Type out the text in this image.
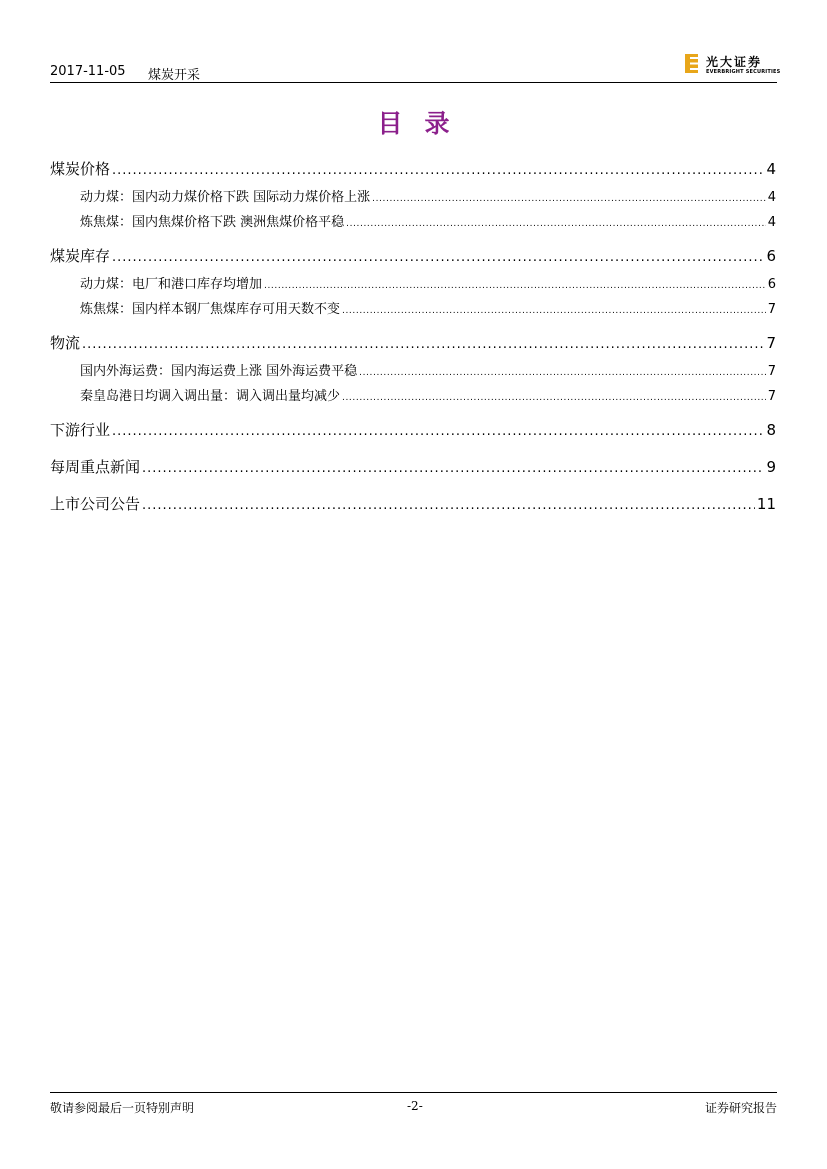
2017-11-05 煤炭开采
光大证券
EVERBRIGHT SECURITIES
目录
煤炭价格 .....	4
动力煤：国内动力煤价格下跌 国际动力煤价格上涨 .....	4
炼焦煤：国内焦煤价格下跌 澳洲焦煤价格平稳 .....	4
煤炭库存 .....	6
动力煤：电厂和港口库存均增加 .....	6
炼焦煤：国内样本钢厂焦煤库存可用天数不变 .....	7
物流 .....	7
国内外海运费：国内海运费上涨 国外海运费平稳 .....	7
秦皇岛港日均调入调出量：调入调出量均减少 .....	7
下游行业 .....	8
每周重点新闻 .....	9
上市公司公告 .....	11
敬请参阅最后一页特别声明	-2-	证券研究报告
